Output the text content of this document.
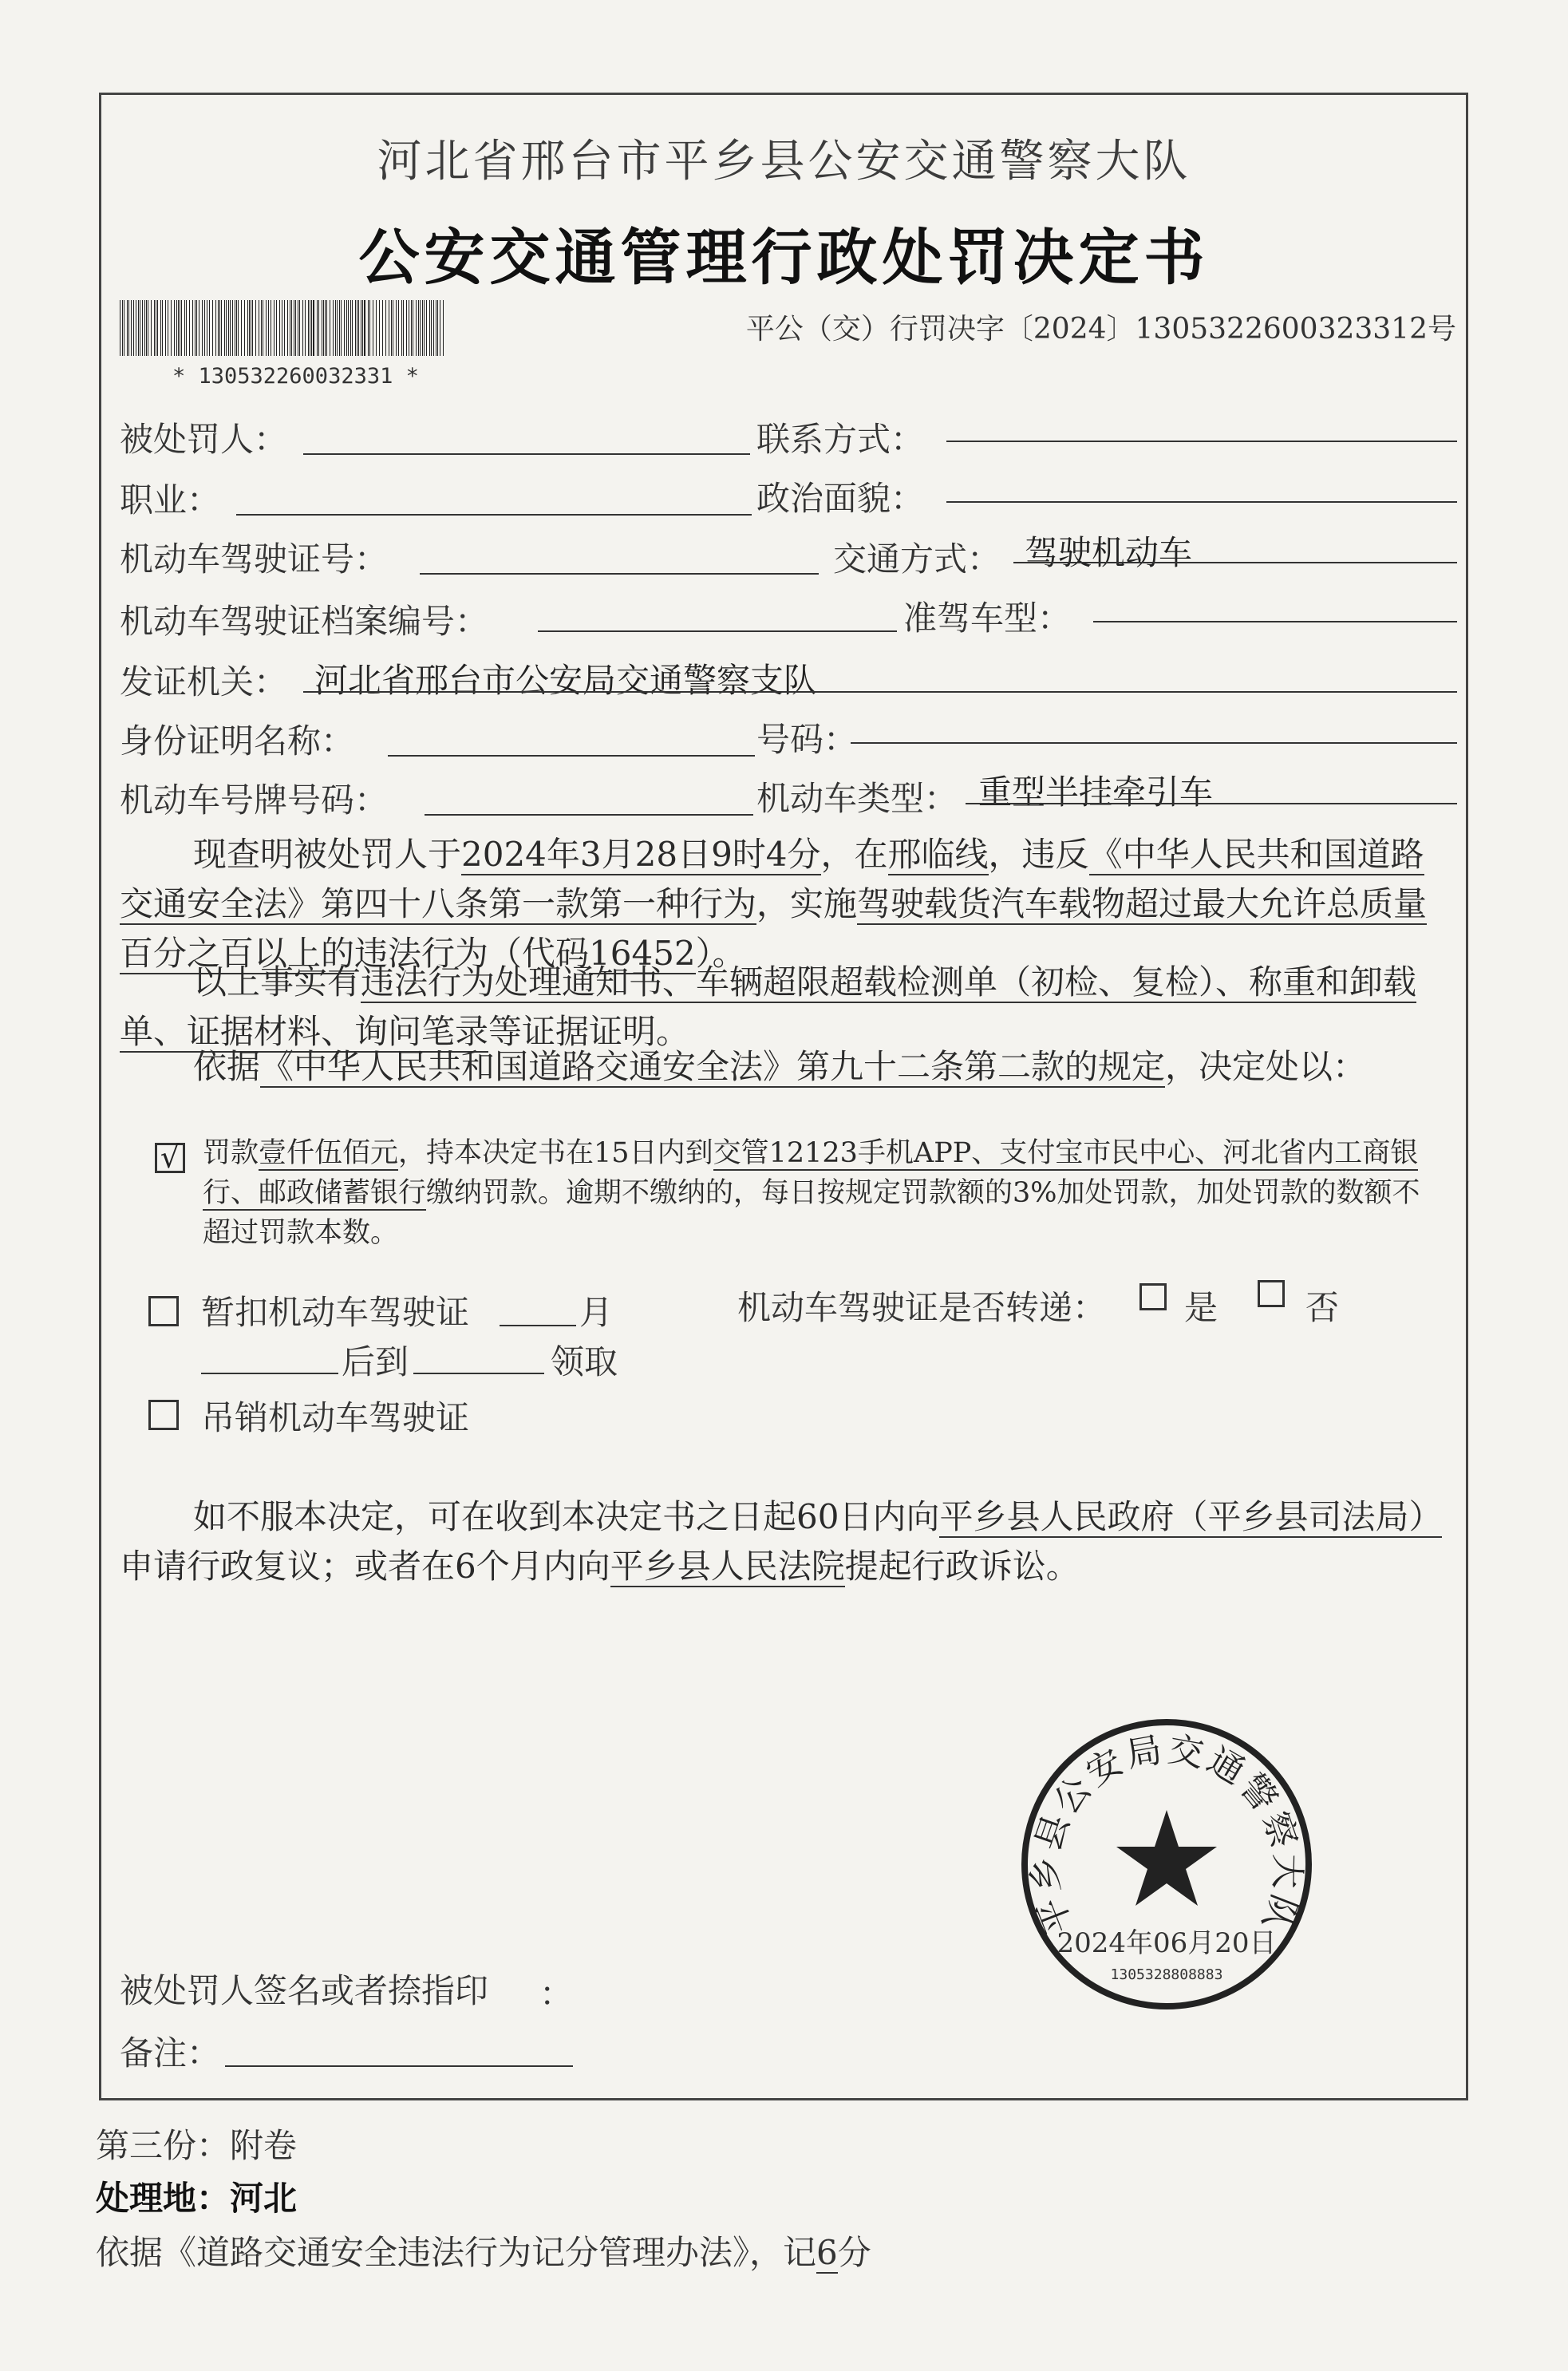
河北省邢台市平乡县公安交通警察大队
公安交通管理行政处罚决定书
* 130532260032331 *
平公（交）行罚决字〔2024〕1305322600323312号
被处罚人：	联系方式：
职业：	政治面貌：
机动车驾驶证号：	交通方式： 驾驶机动车
机动车驾驶证档案编号：	准驾车型：
发证机关： 河北省邢台市公安局交通警察支队
身份证明名称：	号码：
机动车号牌号码：	机动车类型： 重型半挂牵引车
现查明被处罚人于2024年3月28日9时4分，在邢临线，违反《中华人民共和国道路交通安全法》第四十八条第一款第一种行为，实施驾驶载货汽车载物超过最大允许总质量百分之百以上的违法行为（代码16452）。
以上事实有违法行为处理通知书、车辆超限超载检测单（初检、复检）、称重和卸载单、证据材料、询问笔录等证据证明。
依据《中华人民共和国道路交通安全法》第九十二条第二款的规定，决定处以：
√ 罚款壹仟伍佰元，持本决定书在15日内到交管12123手机APP、支付宝市民中心、河北省内工商银行、邮政储蓄银行缴纳罚款。逾期不缴纳的，每日按规定罚款额的3%加处罚款，加处罚款的数额不超过罚款本数。
暂扣机动车驾驶证	月	机动车驾驶证是否转递： 是	否
后到	领取
吊销机动车驾驶证
如不服本决定，可在收到本决定书之日起60日内向平乡县人民政府（平乡县司法局）申请行政复议；或者在6个月内向平乡县人民法院提起行政诉讼。
平乡县公安局交通警察大队
2024年06月20日
1305328808883
被处罚人签名或者捺指印 ：
备注：
第三份：附卷
处理地：河北
依据《道路交通安全违法行为记分管理办法》，记6分
